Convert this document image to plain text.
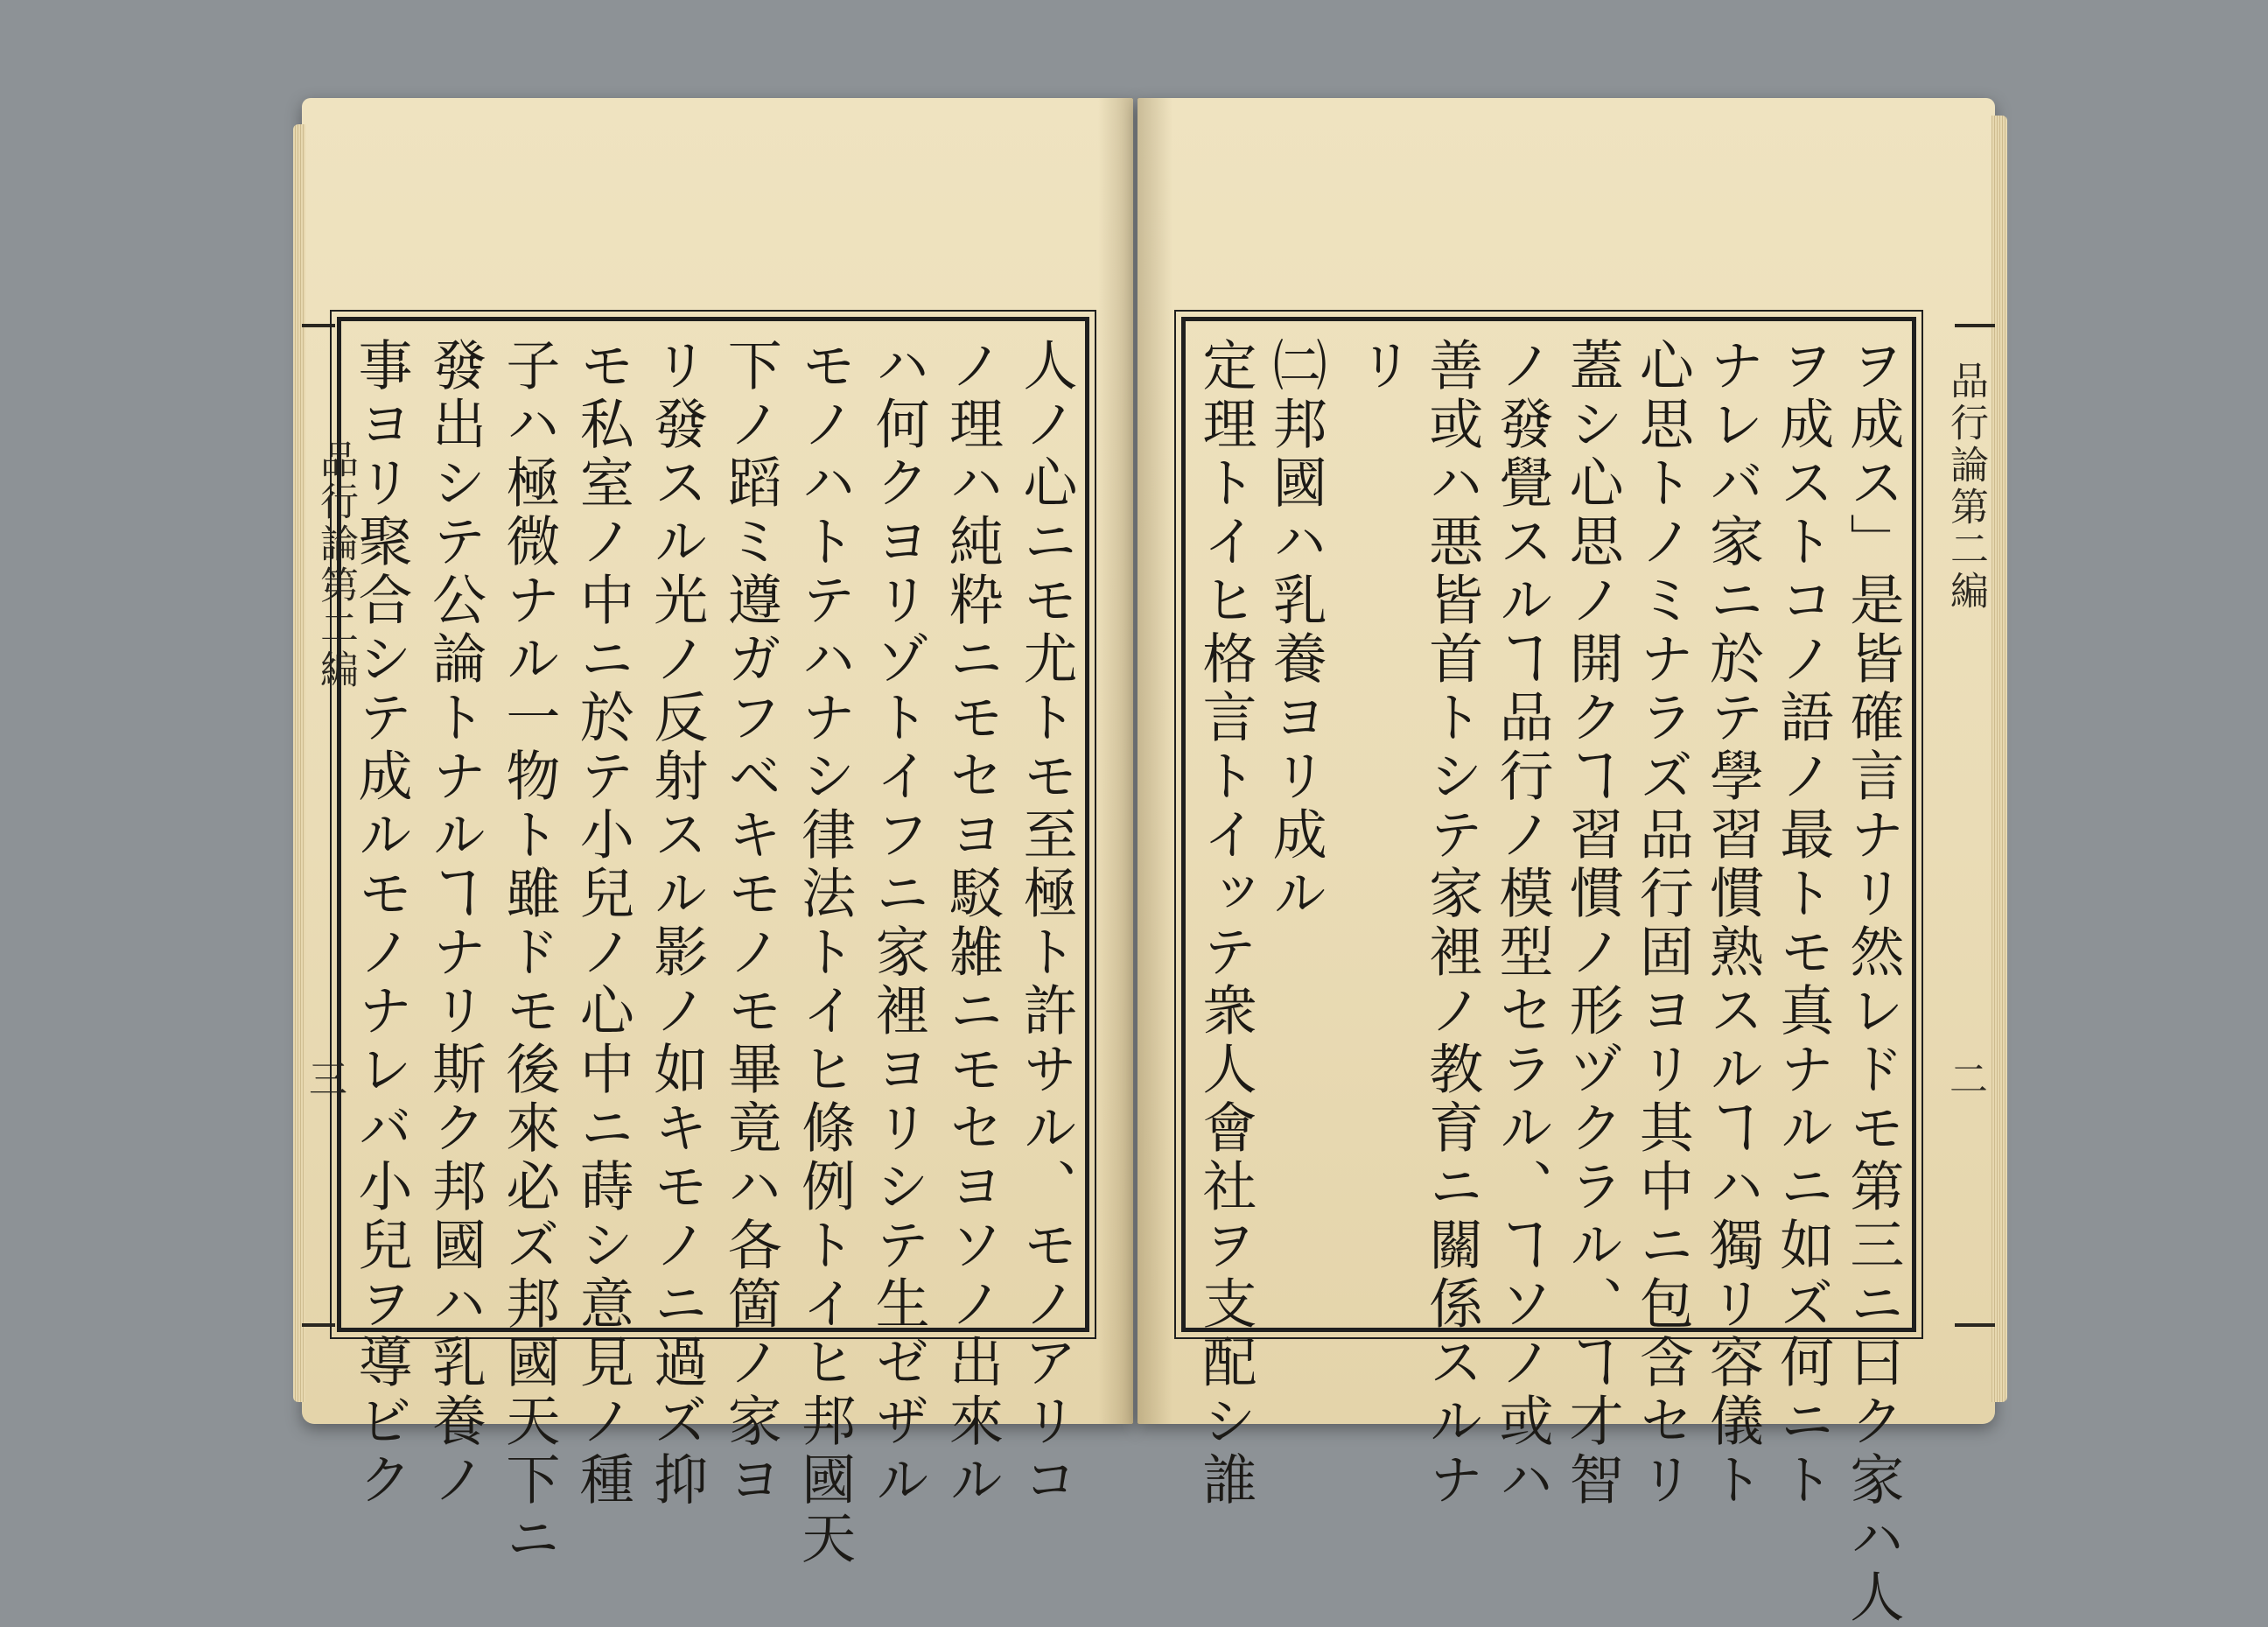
品行論第二編
三	人ノ心ニモ尤トモ至極ト許サル、モノアリコ
ノ理ハ純粋ニモセヨ駁雑ニモセヨソノ出來ル
ハ何クヨリゾトイフニ家裡ヨリシテ生ゼザル
モノハトテハナシ律法トイヒ條例トイヒ邦國天
下ノ蹈ミ遵ガフベキモノモ畢竟ハ各箇ノ家ヨ
リ發スル光ノ反射スル影ノ如キモノニ過ズ抑
モ私室ノ中ニ於テ小兒ノ心中ニ蒔シ意見ノ種
子ハ極微ナル一物ト雖ドモ後來必ズ邦國天下ニ
發出シテ公論トナルヿナリ斯ク邦國ハ乳養ノ
事ヨリ聚合シテ成ルモノナレバ小兒ヲ導ビク	品行論第二編
二
ヲ成ス」是皆確言ナリ然レドモ第三ニ曰ク家ハ人
ヲ成ストコノ語ノ最トモ真ナルニ如ズ何ニト
ナレバ家ニ於テ學習慣熟スルヿハ獨リ容儀ト
心思トノミナラズ品行固ヨリ其中ニ包含セリ
蓋シ心思ノ開クヿ習慣ノ形ヅクラル、ヿ才智
ノ發覺スルヿ品行ノ模型セラル、ヿソノ或ハ
善或ハ悪皆首トシテ家裡ノ教育ニ關係スルナ
リ
㈡邦國ハ乳養ヨリ成ル
定理トイヒ格言トイッテ衆人會社ヲ支配シ誰
